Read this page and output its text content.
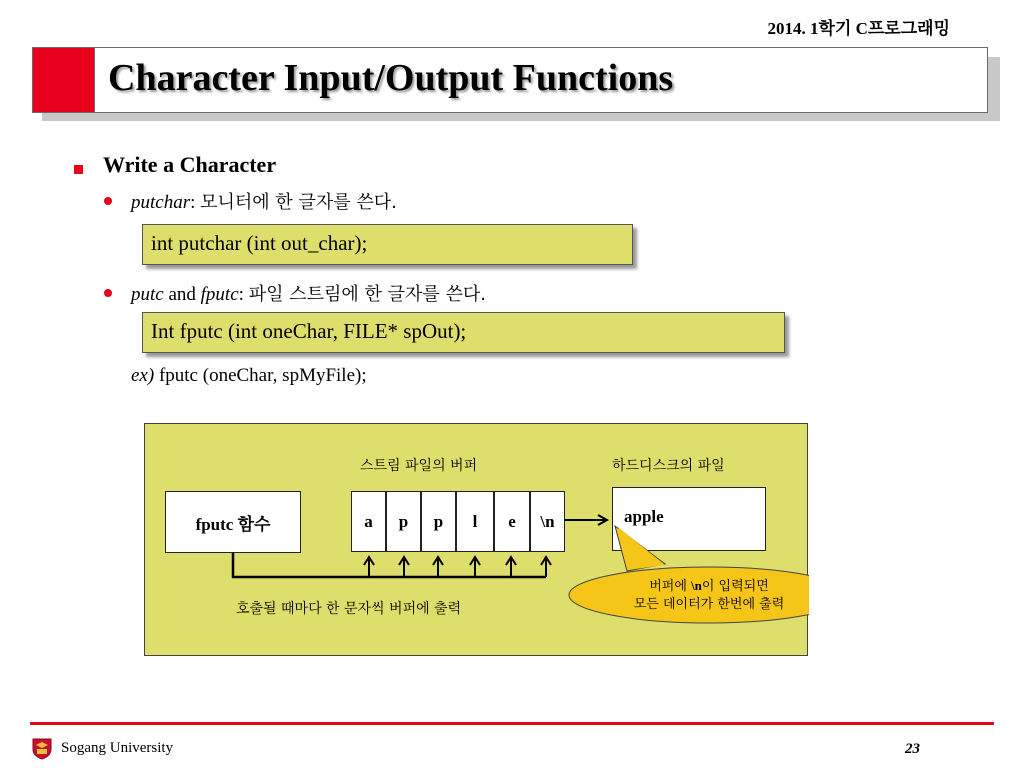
2014. 1학기 C프로그래밍
Character Input/Output Functions
Write a Character
putchar: 모니터에 한 글자를 쓴다.
int putchar (int out_char);
putc and fputc: 파일 스트림에 한 글자를 쓴다.
Int fputc (int oneChar, FILE* spOut);
ex) fputc (oneChar, spMyFile);
스트림 파일의 버퍼	하드디스크의 파일
fputc 함수	a	p	p	l	e	\n	apple
호출될 때마다 한 문자씩 버퍼에 출력
버퍼에 \n이 입력되면
모든 데이터가 한번에 출력
Sogang University	23
